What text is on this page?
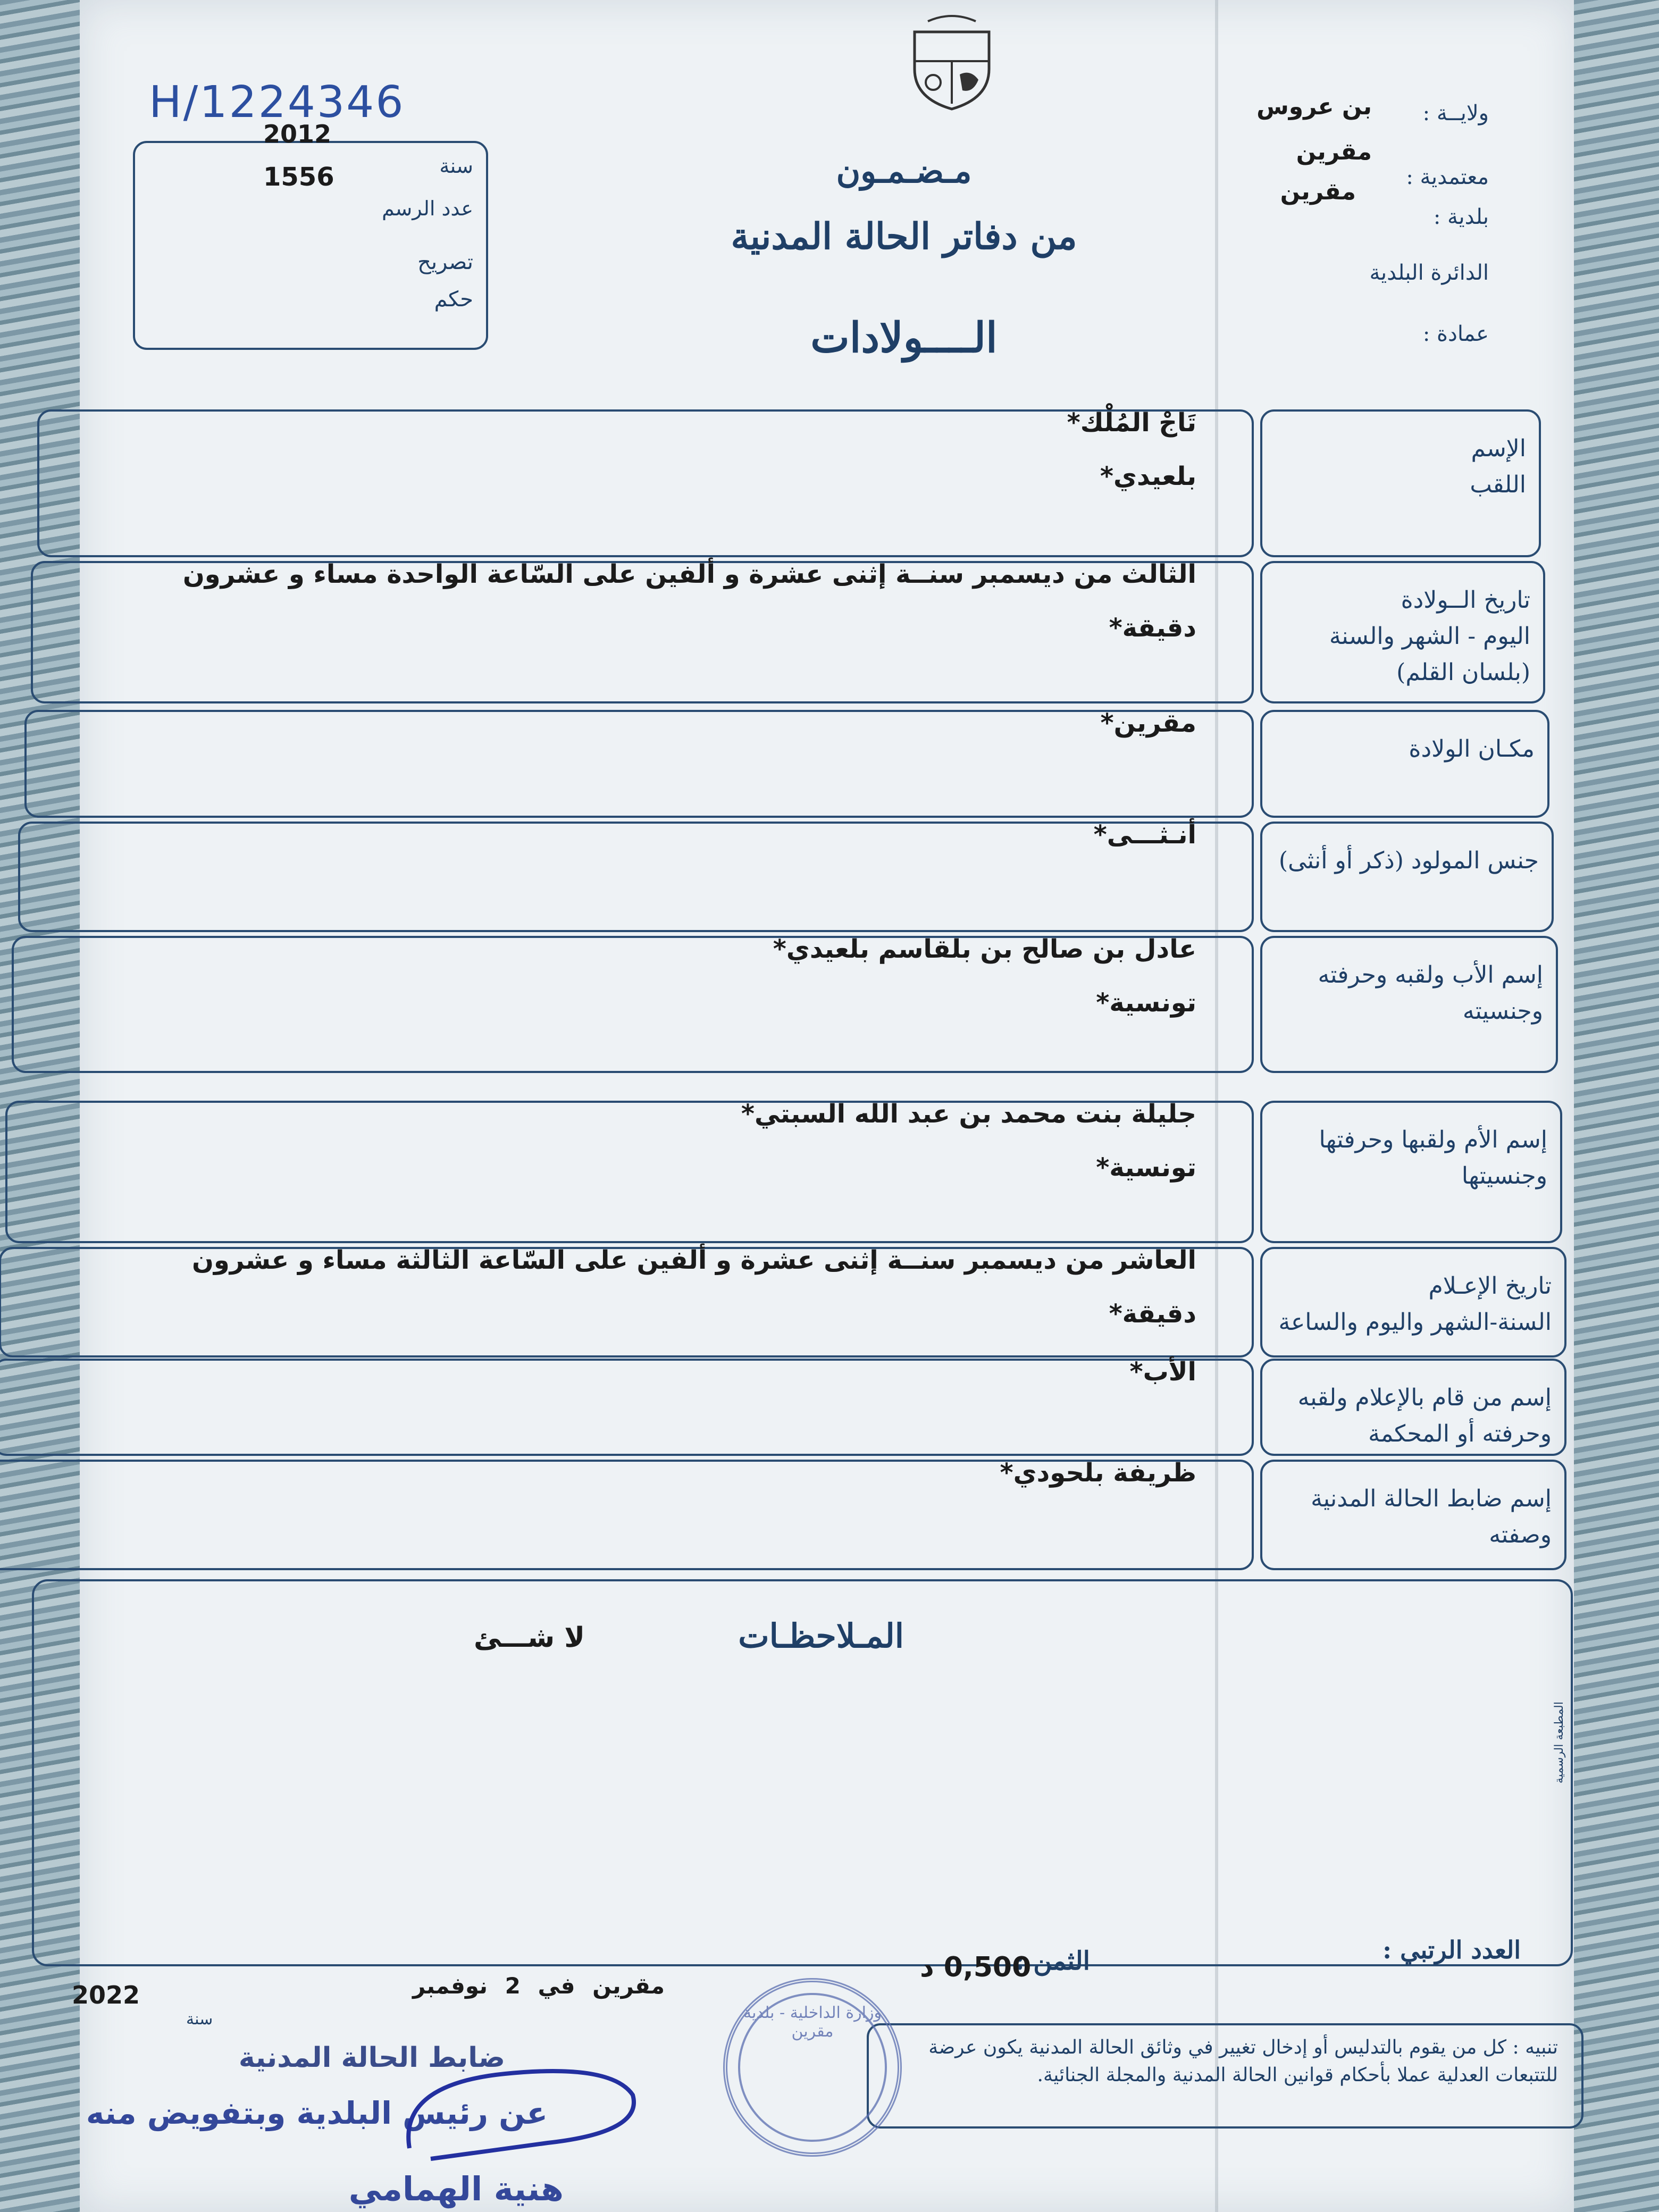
H/1224346
2012
سنة
1556
عدد الرسم
تصريح
حكم
مـضـمـون
من دفاتر الحالة المدنية
الــــولادات
ولايــة :
بن عروس
معتمدية :
مقرين
بلدية :
مقرين
الدائرة البلدية
عمادة :
الإسم
اللقب
تَاجْ المُلْك*
بلعيدي*
تاريخ الــولادة
اليوم - الشهر والسنة
(بلسان القلم)
الثالث من ديسمبر سنــة إثنى عشرة و ألفين على السّاعة الواحدة مساء و عشرون دقيقة*
مكـان الولادة
مقرين*
جنس المولود (ذكر أو أنثى)
أنـثـــى*
إسم الأب ولقبه وحرفته
وجنسيته
عادل بن صالح بن بلقاسم بلعيدي*
تونسية*
إسم الأم ولقبها وحرفتها
وجنسيتها
جليلة بنت محمد بن عبد الله السبتي*
تونسية*
تاريخ الإعـلام
السنة-الشهر واليوم والساعة
العاشر من ديسمبر سنــة إثنى عشرة و ألفين على السّاعة الثالثة مساء و عشرون دقيقة*
إسم من قام بالإعلام ولقبه
وحرفته أو المحكمة
الأب*
إسم ضابط الحالة المدنية
وصفته
ظريفة بلحودي*
المـلاحظـات
لا شـــئ
المطبعة الرسمية
العدد الرتبي :
الثمن :
0,500 د
مقرين في 2 نوفمبر
سنة
2022
تنبيه : كل من يقوم بالتدليس أو إدخال تغيير في وثائق الحالة المدنية يكون عرضة للتتبعات العدلية عملا بأحكام قوانين الحالة المدنية والمجلة الجنائية.
وزارة الداخلية - بلدية مقرين
ضابط الحالة المدنية
عن رئيس البلدية وبتفويض منه
هنية الهمامي
